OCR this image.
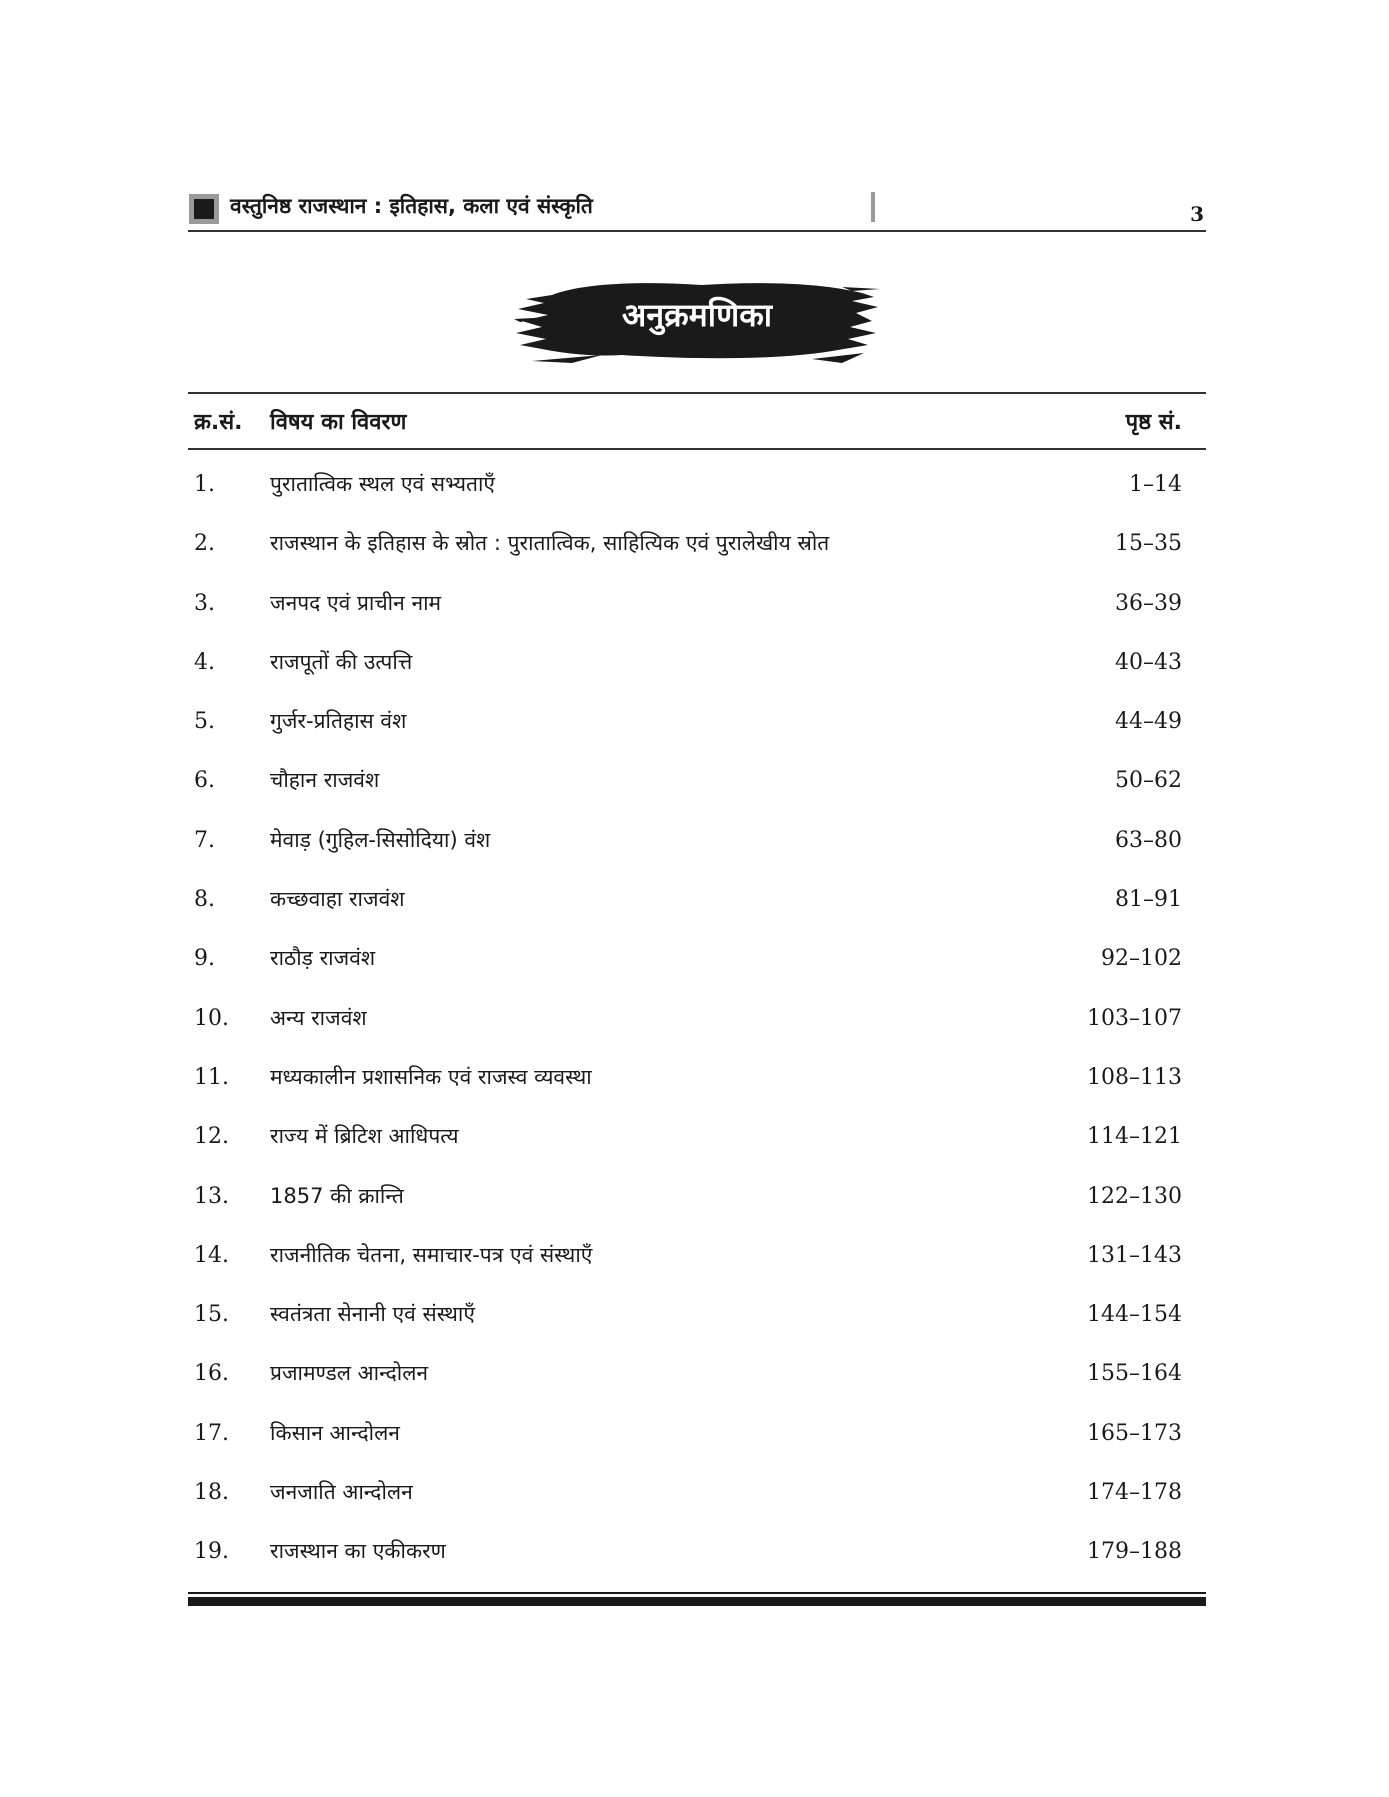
वस्तुनिष्ठ राजस्थान : इतिहास, कला एवं संस्कृति	3
अनुक्रमणिका
क्र.सं. विषय का विवरण	पृष्ठ सं.
1.	पुरातात्विक स्थल एवं सभ्यताएँ	1–14
2.	राजस्थान के इतिहास के स्रोत : पुरातात्विक, साहित्यिक एवं पुरालेखीय स्रोत	15–35
3.	जनपद एवं प्राचीन नाम	36–39
4.	राजपूतों की उत्पत्ति	40–43
5.	गुर्जर-प्रतिहास वंश	44–49
6.	चौहान राजवंश	50–62
7.	मेवाड़ (गुहिल-सिसोदिया) वंश	63–80
8.	कच्छवाहा राजवंश	81–91
9.	राठौड़ राजवंश	92–102
10. अन्य राजवंश	103–107
11. मध्यकालीन प्रशासनिक एवं राजस्व व्यवस्था	108–113
12. राज्य में ब्रिटिश आधिपत्य	114–121
13. 1857 की क्रान्ति	122–130
14. राजनीतिक चेतना, समाचार-पत्र एवं संस्थाएँ	131–143
15. स्वतंत्रता सेनानी एवं संस्थाएँ	144–154
16. प्रजामण्डल आन्दोलन	155–164
17. किसान आन्दोलन	165–173
18. जनजाति आन्दोलन	174–178
19. राजस्थान का एकीकरण	179–188
